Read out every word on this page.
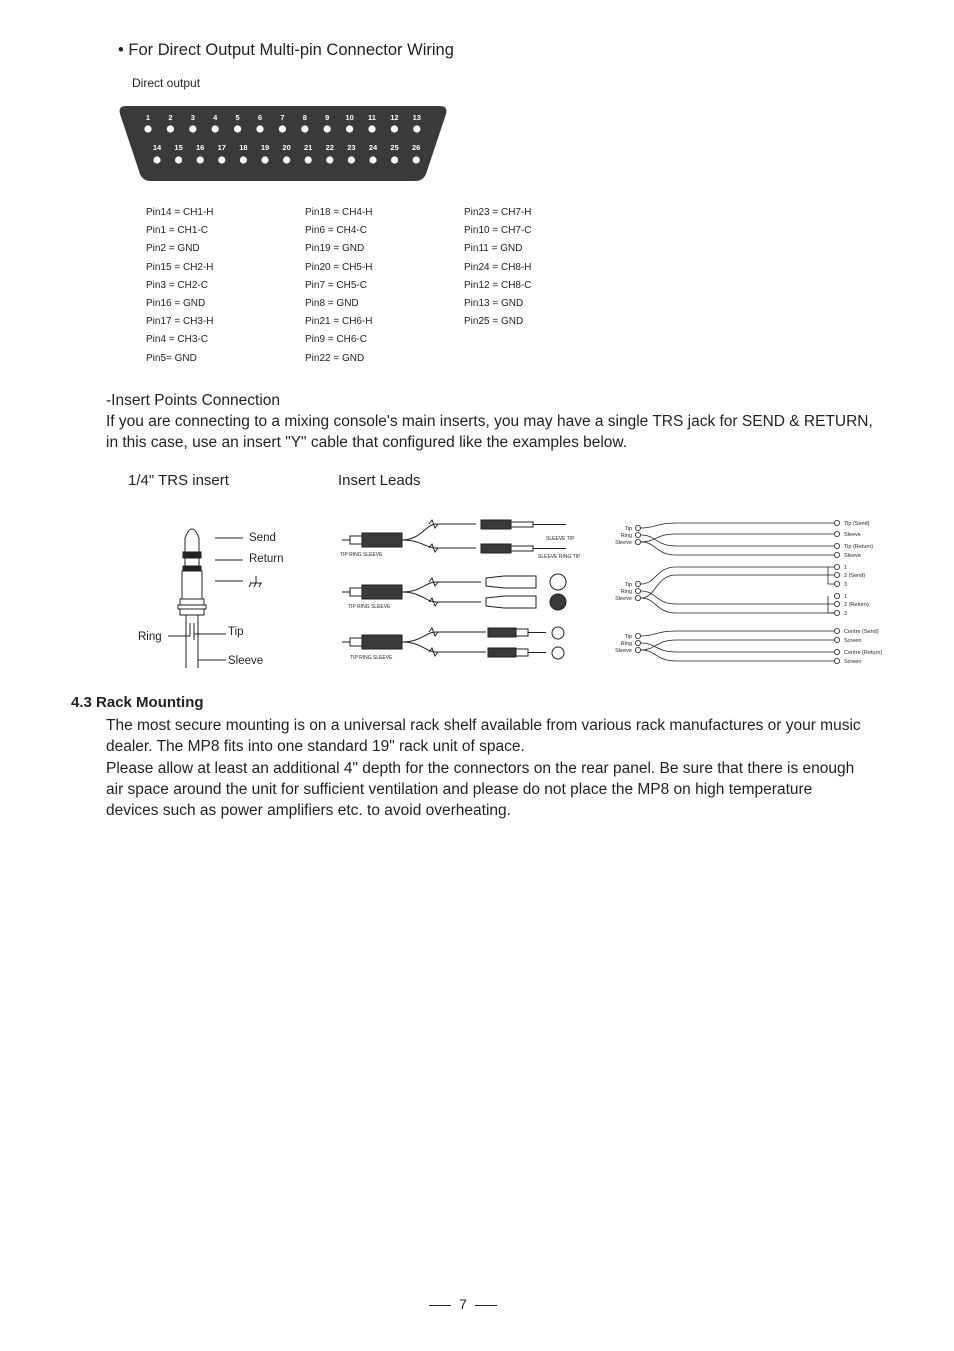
• For Direct Output Multi-pin Connector Wiring
Direct output
1 2 3 4 5 6 7 8 9 10 11 12 13
14 15 16 17 18 19 20 21 22 23 24 25 26
Pin14 = CH1-H
Pin1 = CH1-C
Pin2 = GND
Pin15 = CH2-H
Pin3 = CH2-C
Pin16 = GND
Pin17 = CH3-H
Pin4 = CH3-C
Pin5= GND
Pin18 = CH4-H
Pin6 = CH4-C
Pin19 = GND
Pin20 = CH5-H
Pin7 = CH5-C
Pin8 = GND
Pin21 = CH6-H
Pin9 = CH6-C
Pin22 = GND
Pin23 = CH7-H
Pin10 = CH7-C
Pin11 = GND
Pin24 = CH8-H
Pin12 = CH8-C
Pin13 = GND
Pin25 = GND
-Insert Points Connection
If you are connecting to a mixing console's main inserts, you may have a single TRS jack for SEND & RETURN,
in this case, use an insert "Y" cable that configured like the examples below.
1/4" TRS insert	Insert Leads
Send
Return
Ring	Tip
Sleeve
TIP RING SLEEVE
SLEEVE TIP
SLEEVE RING TIP
TIP RING SLEEVE
TIP RING SLEEVE
Tip
Ring
Sleeve
Tip (Send)
Sleeve
Tip (Return)
Sleeve
Tip
Ring
Sleeve
1
2 (Send)
3
1
2 (Return)
3
Tip
Ring
Sleeve
Centre (Send)
Screen
Centre (Return)
Screen
4.3 Rack Mounting
The most secure mounting is on a universal rack shelf available from various rack manufactures or your music
dealer. The MP8 fits into one standard 19" rack unit of space.
Please allow at least an additional 4" depth for the connectors on the rear panel. Be sure that there is enough
air space around the unit for sufficient ventilation and please do not place the MP8 on high temperature
devices such as power amplifiers etc. to avoid overheating.
7
